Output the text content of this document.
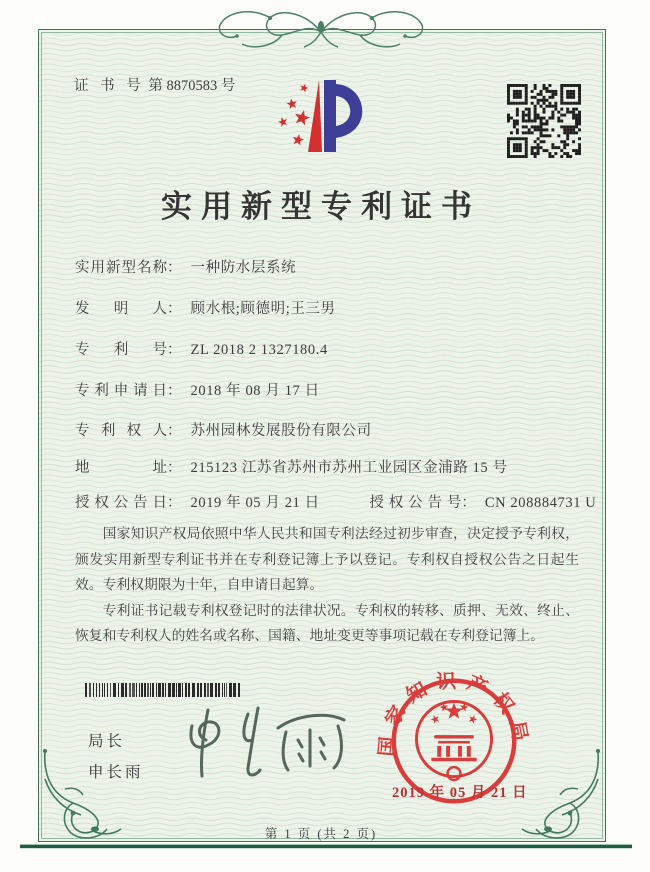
证 书 号 第 8870583 号
实用新型专利证书
实用新型名称： 一种防水层系统
发明人： 顾水根;顾德明;王三男
专利号： ZL 2018 2 1327180.4
专利申请日： 2018 年 08 月 17 日
专利权人： 苏州园林发展股份有限公司
地址： 215123 江苏省苏州市苏州工业园区金浦路 15 号
授权公告日： 2019 年 05 月 21 日	授权公告号： CN 208884731 U

国家知识产权局依照中华人民共和国专利法经过初步审查，决定授予专利权，颁发实用新型专利证书并在专利登记簿上予以登记。专利权自授权公告之日起生效。专利权期限为十年，自申请日起算。

专利证书记载专利权登记时的法律状况。专利权的转移、质押、无效、终止、恢复和专利权人的姓名或名称、国籍、地址变更等事项记载在专利登记簿上。

局长
申长雨
国家知识产权局
2019 年 05 月 21 日
第 1 页 (共 2 页)
